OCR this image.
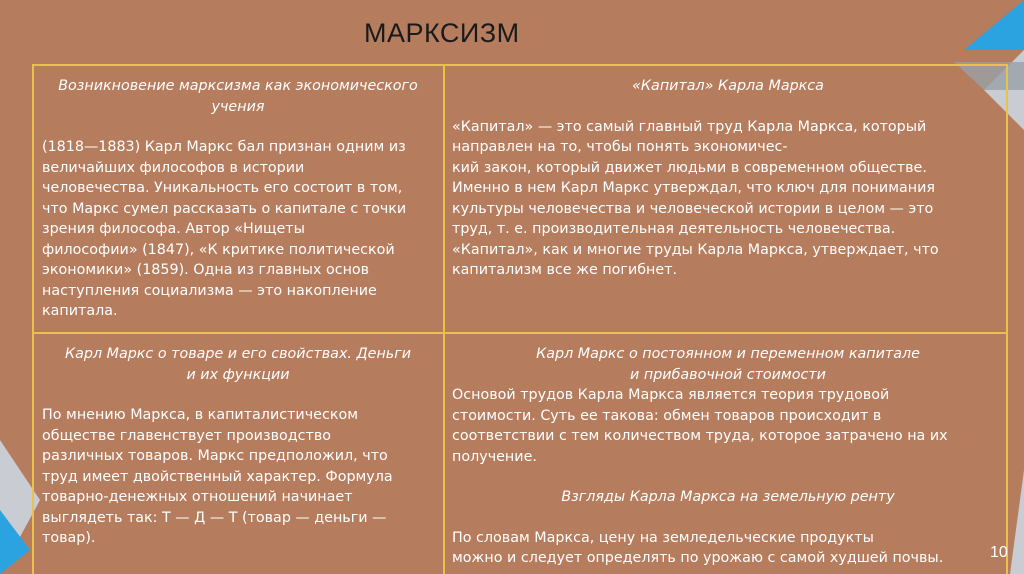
МАРКСИЗМ
Возникновение марксизма как экономического
учения
(1818—1883) Карл Маркс бал признан одним из
величайших философов в истории
человечества. Уникальность его состоит в том,
что Маркс сумел рассказать о капитале с точки
зрения философа. Автор «Нищеты
философии» (1847), «К критике политической
экономики» (1859). Одна из главных основ
наступления социализма — это накопление
капитала.
«Капитал» Карла Маркса
«Капитал» — это самый главный труд Карла Маркса, который
направлен на то, чтобы понять экономичес-
кий закон, который движет людьми в современном обществе.
Именно в нем Карл Маркс утверждал, что ключ для понимания
культуры человечества и человеческой истории в целом — это
труд, т. е. производительная деятельность человечества.
«Капитал», как и многие труды Карла Маркса, утверждает, что
капитализм все же погибнет.
Карл Маркс о товаре и его свойствах. Деньги
и их функции
По мнению Маркса, в капиталистическом
обществе главенствует производство
различных товаров. Маркс предположил, что
труд имеет двойственный характер. Формула
товарно-денежных отношений начинает
выглядеть так: Т — Д — Т (товар — деньги —
товар).
Карл Маркс о постоянном и переменном капитале
и прибавочной стоимости
Основой трудов Карла Маркса является теория трудовой
стоимости. Суть ее такова: обмен товаров происходит в
соответствии с тем количеством труда, которое затрачено на их
получение.
Взгляды Карла Маркса на земельную ренту
По словам Маркса, цену на земледельческие продукты
можно и следует определять по урожаю с самой худшей почвы.	10
